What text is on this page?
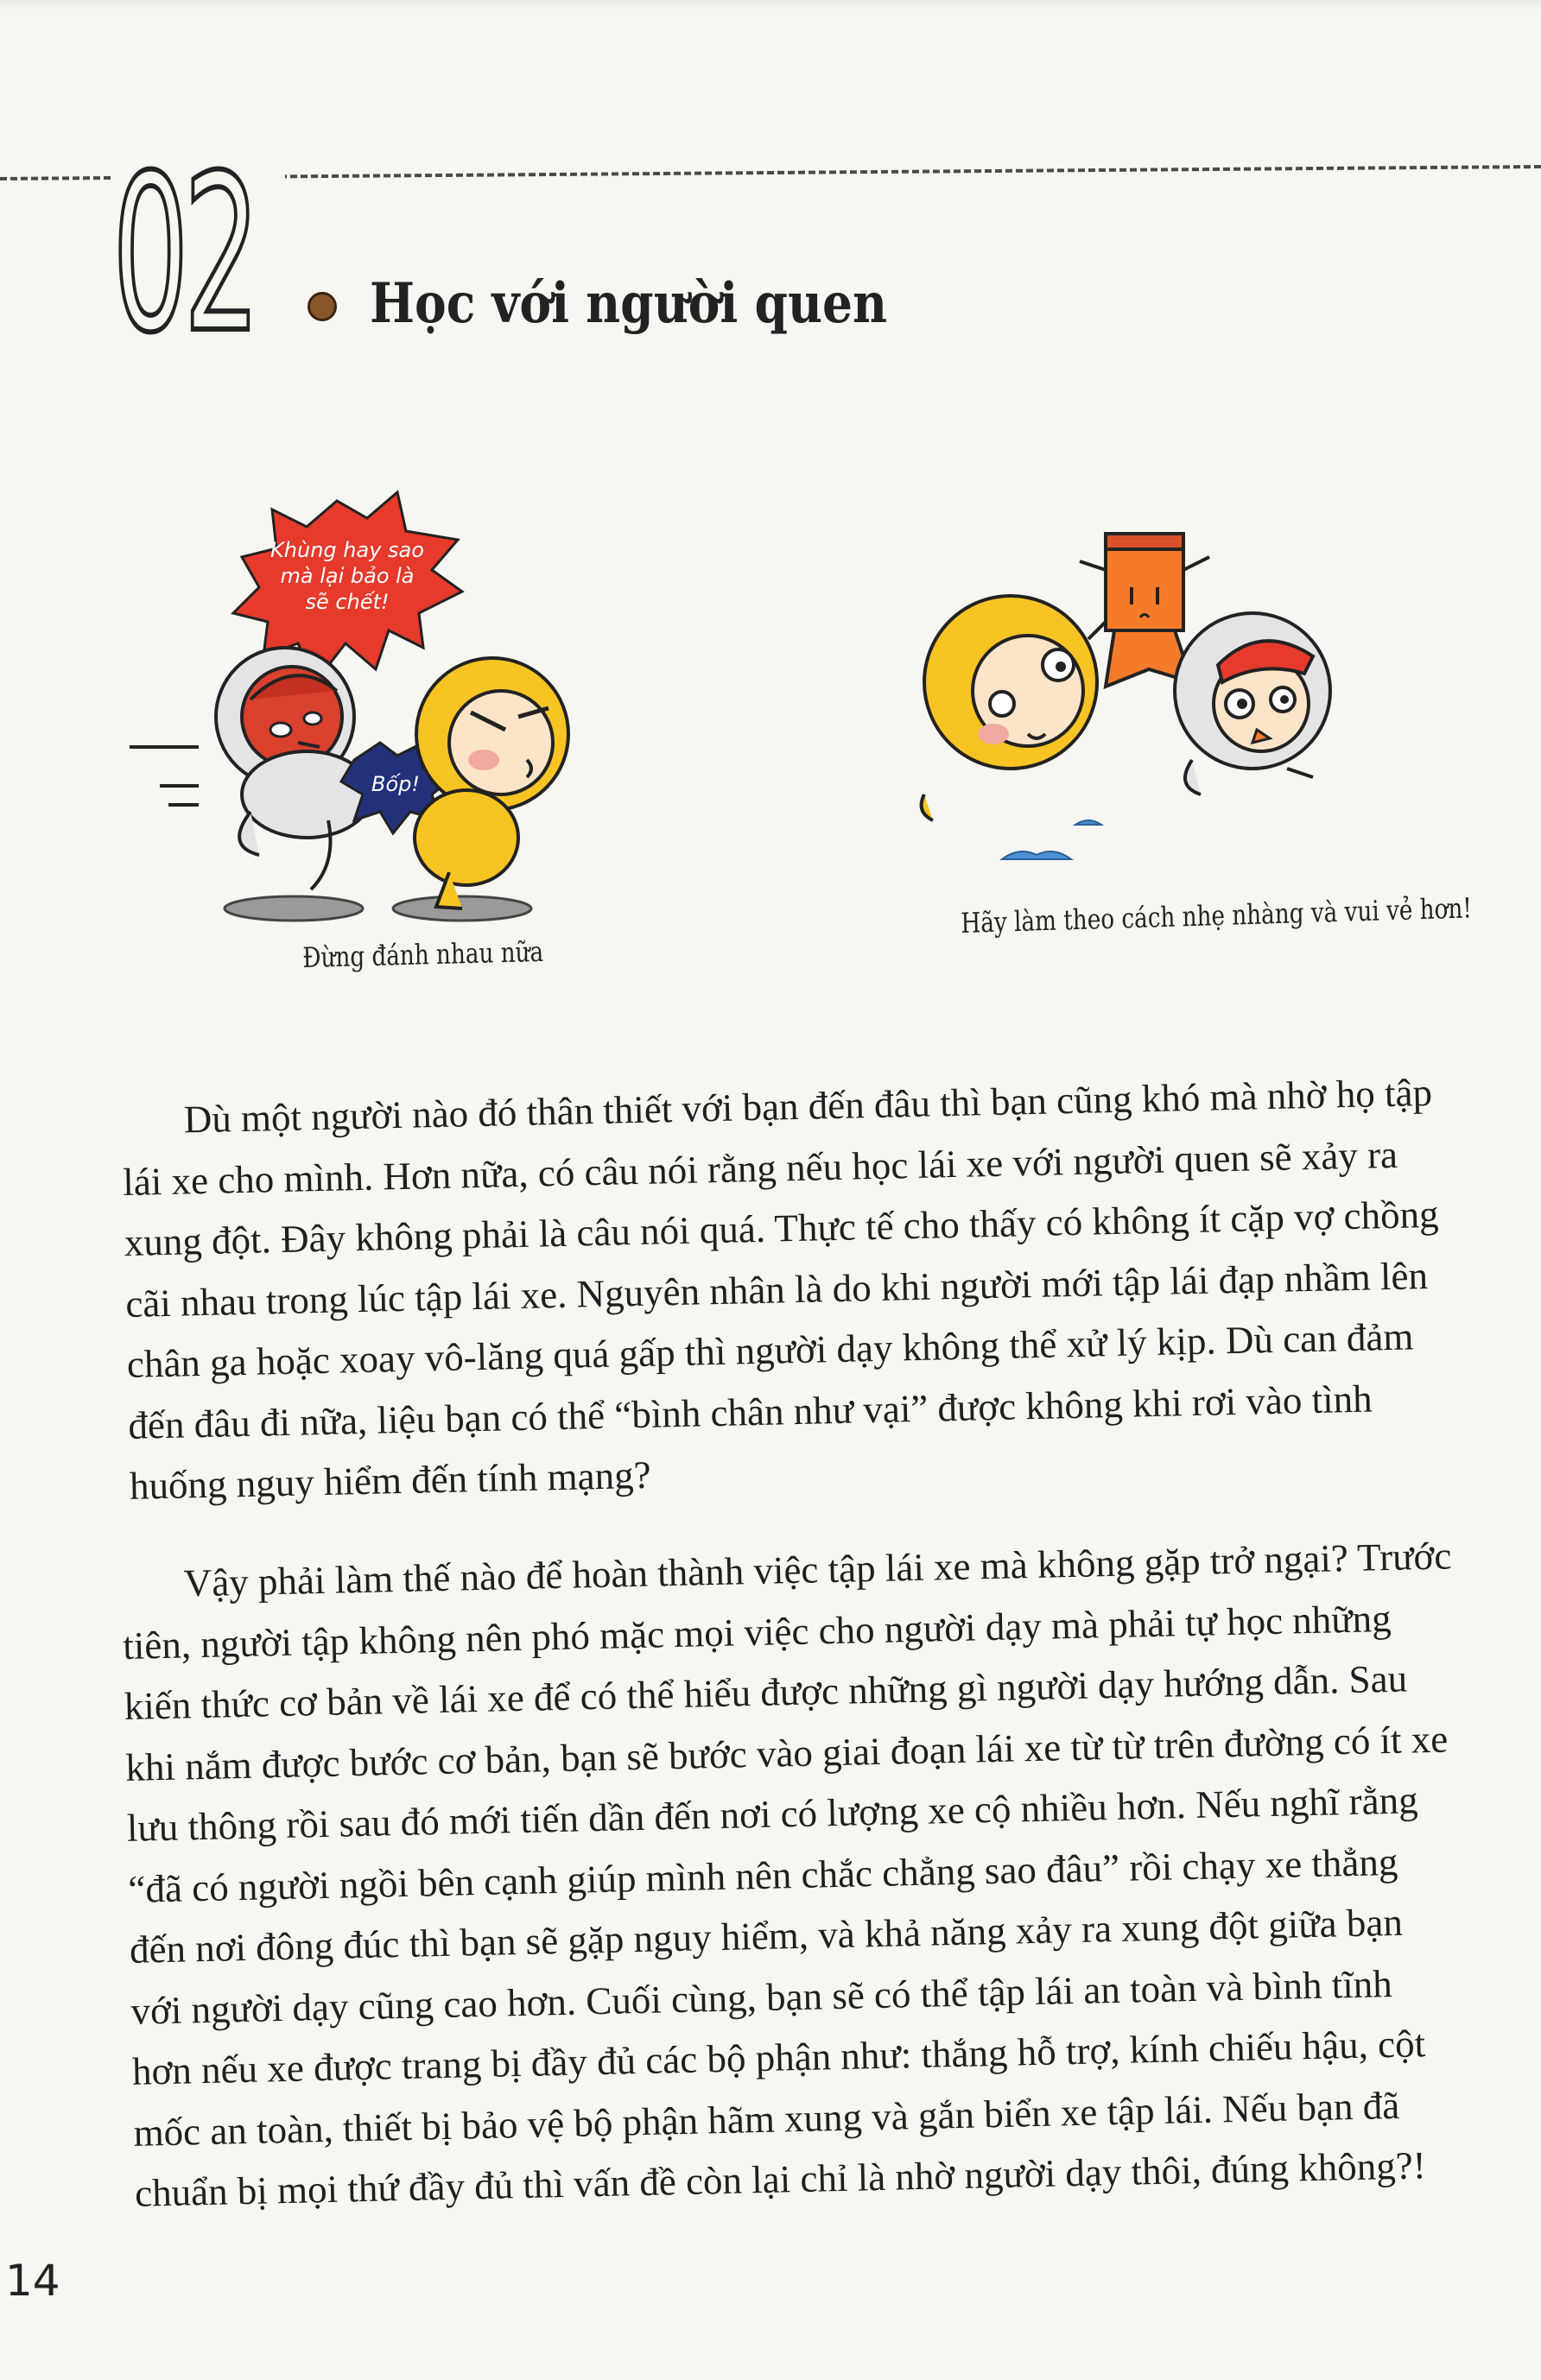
02 Học với người quen
Khùng hay sao
mà lại bảo là
sẽ chết!
Bốp!
Đừng đánh nhau nữa
Hãy làm theo cách nhẹ nhàng và vui vẻ hơn!

Dù một người nào đó thân thiết với bạn đến đâu thì bạn cũng khó mà nhờ họ tập lái xe cho mình. Hơn nữa, có câu nói rằng nếu học lái xe với người quen sẽ xảy ra xung đột. Đây không phải là câu nói quá. Thực tế cho thấy có không ít cặp vợ chồng cãi nhau trong lúc tập lái xe. Nguyên nhân là do khi người mới tập lái đạp nhầm lên chân ga hoặc xoay vô-lăng quá gấp thì người dạy không thể xử lý kịp. Dù can đảm đến đâu đi nữa, liệu bạn có thể “bình chân như vại” được không khi rơi vào tình huống nguy hiểm đến tính mạng?

Vậy phải làm thế nào để hoàn thành việc tập lái xe mà không gặp trở ngại? Trước tiên, người tập không nên phó mặc mọi việc cho người dạy mà phải tự học những kiến thức cơ bản về lái xe để có thể hiểu được những gì người dạy hướng dẫn. Sau khi nắm được bước cơ bản, bạn sẽ bước vào giai đoạn lái xe từ từ trên đường có ít xe lưu thông rồi sau đó mới tiến dần đến nơi có lượng xe cộ nhiều hơn. Nếu nghĩ rằng “đã có người ngồi bên cạnh giúp mình nên chắc chẳng sao đâu” rồi chạy xe thẳng đến nơi đông đúc thì bạn sẽ gặp nguy hiểm, và khả năng xảy ra xung đột giữa bạn với người dạy cũng cao hơn. Cuối cùng, bạn sẽ có thể tập lái an toàn và bình tĩnh hơn nếu xe được trang bị đầy đủ các bộ phận như: thắng hỗ trợ, kính chiếu hậu, cột mốc an toàn, thiết bị bảo vệ bộ phận hãm xung và gắn biển xe tập lái. Nếu bạn đã chuẩn bị mọi thứ đầy đủ thì vấn đề còn lại chỉ là nhờ người dạy thôi, đúng không?!

14
